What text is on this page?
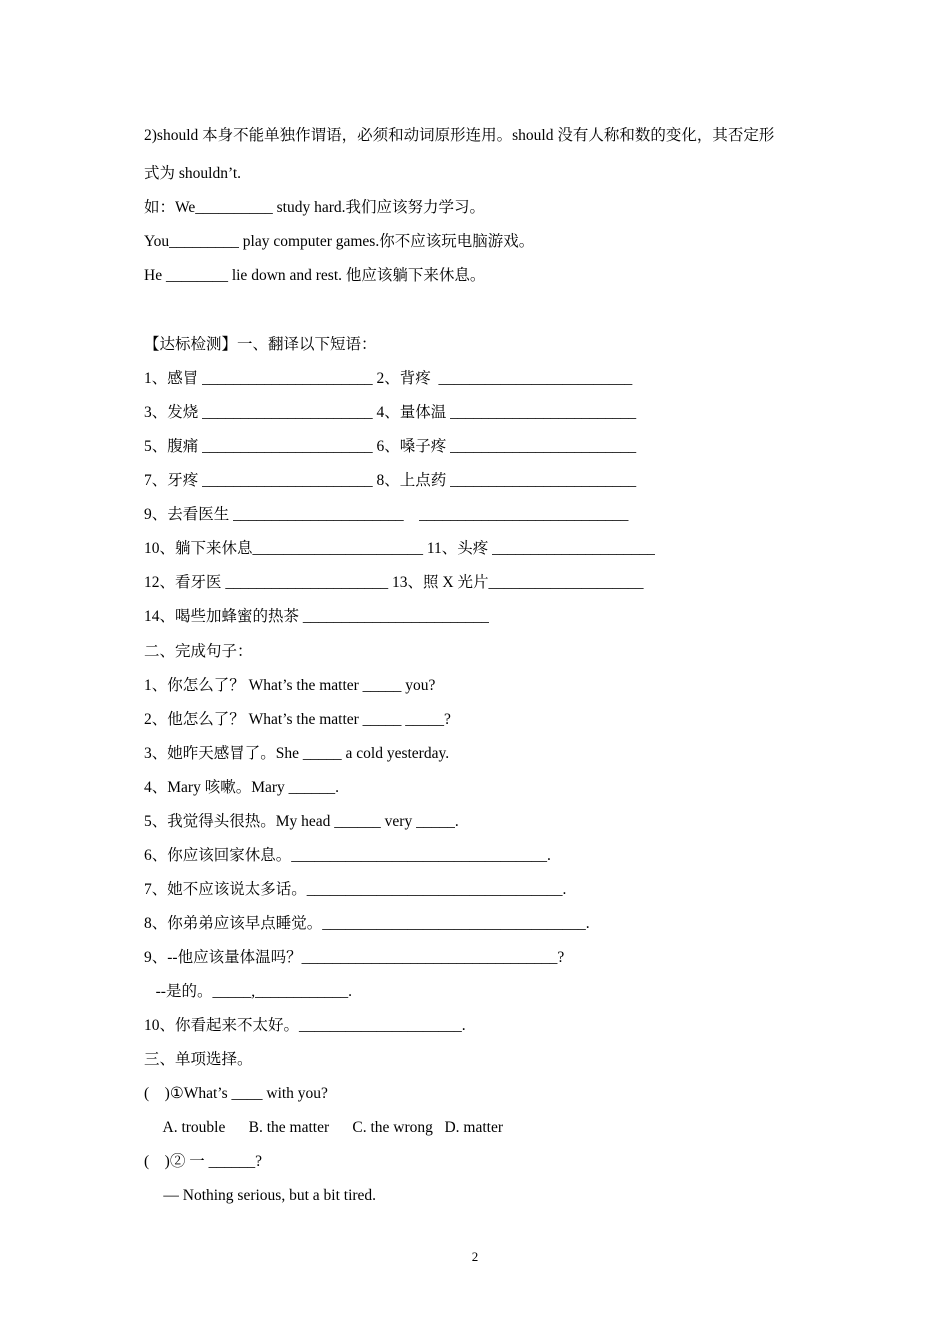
2)should 本身不能单独作谓语，必须和动词原形连用。should 没有人称和数的变化，其否定形
式为 shouldn’t.
如：We__________ study hard.我们应该努力学习。
You_________ play computer games.你不应该玩电脑游戏。
He ________ lie down and rest. 他应该躺下来休息。
【达标检测】一、翻译以下短语：
1、感冒 ______________________ 2、背疼  _________________________
3、发烧 ______________________ 4、量体温 ________________________
5、腹痛 ______________________ 6、嗓子疼 ________________________
7、牙疼 ______________________ 8、上点药 ________________________
9、去看医生 ______________________    ___________________________
10、躺下来休息______________________ 11、头疼 _____________________
12、看牙医 _____________________ 13、照 X 光片____________________
14、喝些加蜂蜜的热茶 ________________________
二、完成句子：
1、你怎么了？ What’s the matter _____ you?
2、他怎么了？ What’s the matter _____ _____?
3、她昨天感冒了。She _____ a cold yesterday.
4、Mary 咳嗽。Mary ______.
5、我觉得头很热。My head ______ very _____.
6、你应该回家休息。_________________________________.
7、她不应该说太多话。_________________________________.
8、你弟弟应该早点睡觉。__________________________________.
9、--他应该量体温吗？_________________________________?
--是的。_____,____________.
10、你看起来不太好。_____________________.
三、单项选择。
(    )①What’s ____ with you?
A. trouble      B. the matter      C. the wrong   D. matter
(    )② 一 ______?
— Nothing serious, but a bit tired.
2
